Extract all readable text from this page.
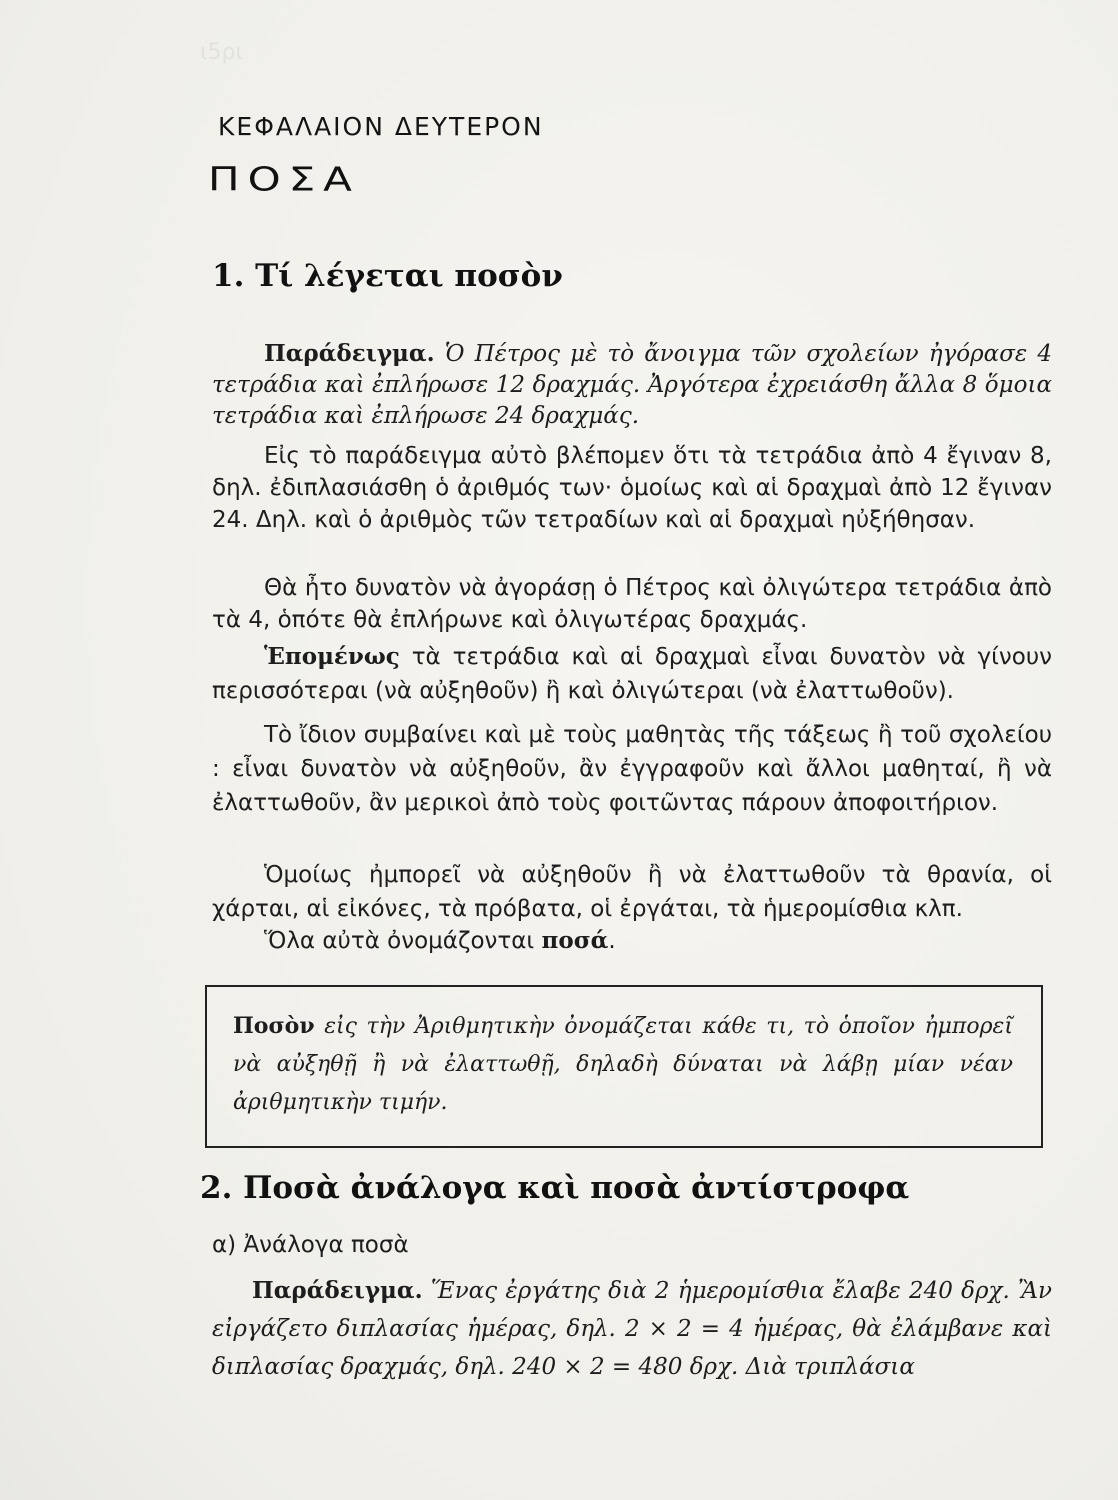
ι5ρι
ΚΕΦΑΛΑΙΟΝ ΔΕΥΤΕΡΟΝ
ΠΟΣΑ
1. Τί λέγεται ποσὸν
Παράδειγμα. Ὁ Πέτρος μὲ τὸ ἄνοιγμα τῶν σχολείων ἠγόρασε 4 τετράδια καὶ ἐπλήρωσε 12 δραχμάς. Ἀργότερα ἐχρειάσθη ἄλλα 8 ὅμοια τετράδια καὶ ἐπλήρωσε 24 δραχμάς.
Εἰς τὸ παράδειγμα αὐτὸ βλέπομεν ὅτι τὰ τετράδια ἀπὸ 4 ἔγιναν 8, δηλ. ἐδιπλασιάσθη ὁ ἀριθμός των· ὁμοίως καὶ αἱ δραχμαὶ ἀπὸ 12 ἔγιναν 24. Δηλ. καὶ ὁ ἀριθμὸς τῶν τετραδίων καὶ αἱ δραχμαὶ ηὐξήθησαν.
Θὰ ἦτο δυνατὸν νὰ ἀγοράσῃ ὁ Πέτρος καὶ ὀλιγώτερα τετράδια ἀπὸ τὰ 4, ὁπότε θὰ ἐπλήρωνε καὶ ὀλιγωτέρας δραχμάς.
Ἑπομένως τὰ τετράδια καὶ αἱ δραχμαὶ εἶναι δυνατὸν νὰ γίνουν περισσότεραι (νὰ αὐξηθοῦν) ἢ καὶ ὀλιγώτεραι (νὰ ἐλαττωθοῦν).
Τὸ ἴδιον συμβαίνει καὶ μὲ τοὺς μαθητὰς τῆς τάξεως ἢ τοῦ σχολείου : εἶναι δυνατὸν νὰ αὐξηθοῦν, ἂν ἐγγραφοῦν καὶ ἄλλοι μαθηταί, ἢ νὰ ἐλαττωθοῦν, ἂν μερικοὶ ἀπὸ τοὺς φοιτῶντας πάρουν ἀποφοιτήριον.
Ὁμοίως ἠμπορεῖ νὰ αὐξηθοῦν ἢ νὰ ἐλαττωθοῦν τὰ θρανία, οἱ χάρται, αἱ εἰκόνες, τὰ πρόβατα, οἱ ἐργάται, τὰ ἡμερομίσθια κλπ.
Ὅλα αὐτὰ ὀνομάζονται ποσά.
Ποσὸν εἰς τὴν Ἀριθμητικὴν ὀνομάζεται κάθε τι, τὸ ὁποῖον ἠμπορεῖ νὰ αὐξηθῇ ἢ νὰ ἐλαττωθῇ, δηλαδὴ δύναται νὰ λάβῃ μίαν νέαν ἀριθμητικὴν τιμήν.
2. Ποσὰ ἀνάλογα καὶ ποσὰ ἀντίστροφα
α) Ἀνάλογα ποσὰ
Παράδειγμα. Ἕνας ἐργάτης διὰ 2 ἡμερομίσθια ἔλαβε 240 δρχ. Ἂν εἰργάζετο διπλασίας ἡμέρας, δηλ. 2 × 2 = 4 ἡμέρας, θὰ ἐλάμβανε καὶ διπλασίας δραχμάς, δηλ. 240 × 2 = 480 δρχ. Διὰ τριπλάσια
